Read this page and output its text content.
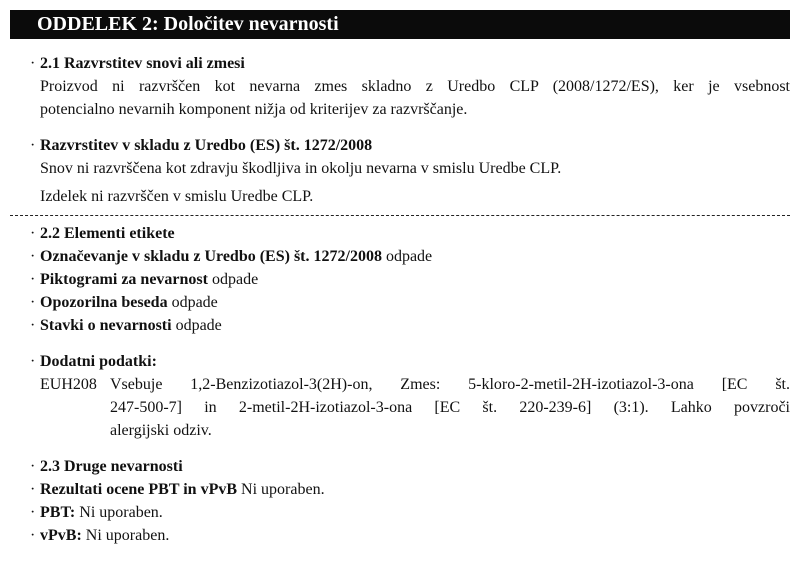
ODDELEK 2: Določitev nevarnosti
· 2.1 Razvrstitev snovi ali zmesi
Proizvod ni razvrščen kot nevarna zmes skladno z Uredbo CLP (2008/1272/ES), ker je vsebnost
potencialno nevarnih komponent nižja od kriterijev za razvrščanje.
· Razvrstitev v skladu z Uredbo (ES) št. 1272/2008
Snov ni razvrščena kot zdravju škodljiva in okolju nevarna v smislu Uredbe CLP.
Izdelek ni razvrščen v smislu Uredbe CLP.
· 2.2 Elementi etikete
· Označevanje v skladu z Uredbo (ES) št. 1272/2008 odpade
· Piktogrami za nevarnost odpade
· Opozorilna beseda odpade
· Stavki o nevarnosti odpade
· Dodatni podatki:
EUH208 Vsebuje 1,2-Benzizotiazol-3(2H)-on, Zmes: 5-kloro-2-metil-2H-izotiazol-3-ona [EC št.
247-500-7] in 2-metil-2H-izotiazol-3-ona [EC št. 220-239-6] (3:1). Lahko povzroči
alergijski odziv.
· 2.3 Druge nevarnosti
· Rezultati ocene PBT in vPvB Ni uporaben.
· PBT: Ni uporaben.
· vPvB: Ni uporaben.
